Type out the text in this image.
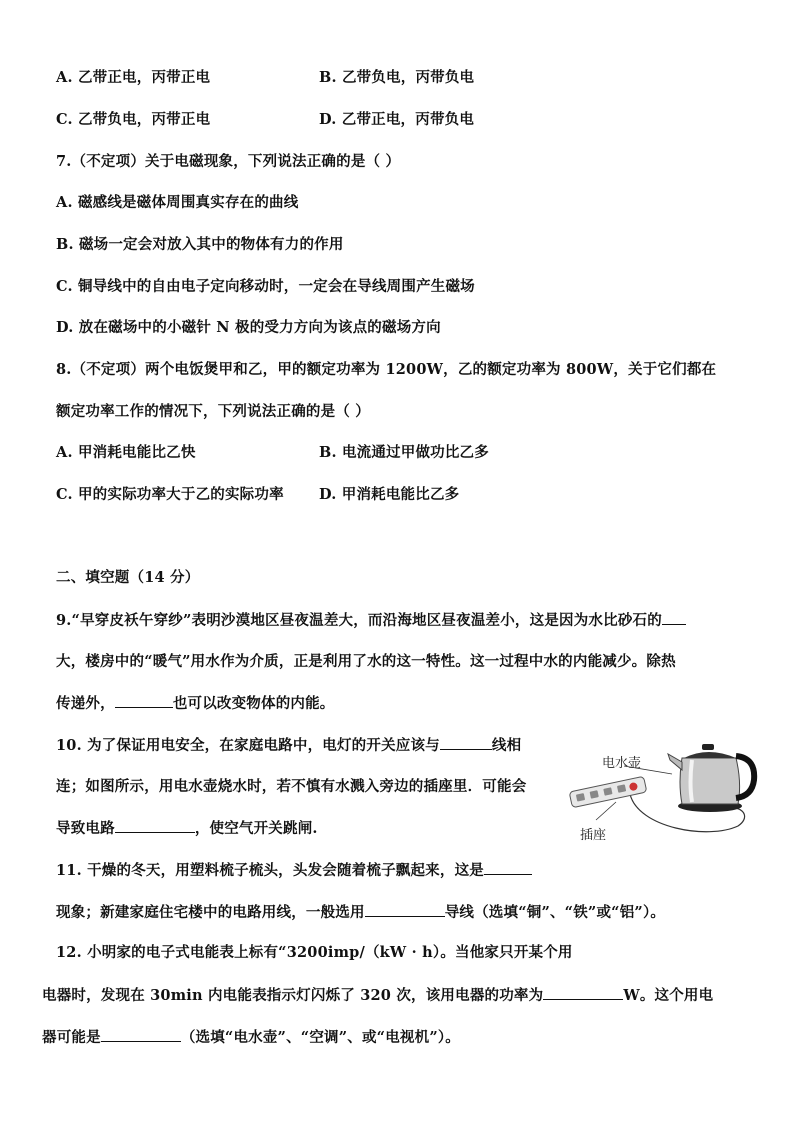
A. 乙带正电，丙带正电	B. 乙带负电，丙带负电
C. 乙带负电，丙带正电	D. 乙带正电，丙带负电
7.（不定项）关于电磁现象，下列说法正确的是（ ）
A. 磁感线是磁体周围真实存在的曲线
B. 磁场一定会对放入其中的物体有力的作用
C. 铜导线中的自由电子定向移动时，一定会在导线周围产生磁场
D. 放在磁场中的小磁针 N 极的受力方向为该点的磁场方向
8.（不定项）两个电饭煲甲和乙，甲的额定功率为 1200W，乙的额定功率为 800W，关于它们都在
额定功率工作的情况下，下列说法正确的是（ ）
A. 甲消耗电能比乙快	B. 电流通过甲做功比乙多
C. 甲的实际功率大于乙的实际功率 D. 甲消耗电能比乙多
二、填空题（14 分）
9.“早穿皮袄午穿纱”表明沙漠地区昼夜温差大，而沿海地区昼夜温差小，这是因为水比砂石的
大，楼房中的“暖气”用水作为介质，正是利用了水的这一特性。这一过程中水的内能减少。除热
传递外，	也可以改变物体的内能。
10. 为了保证用电安全，在家庭电路中，电灯的开关应该与	线相
连；如图所示，用电水壶烧水时，若不慎有水溅入旁边的插座里．可能会
导致电路	，使空气开关跳闸.
电水壶
插座
11. 干燥的冬天，用塑料梳子梳头，头发会随着梳子飘起来，这是
现象；新建家庭住宅楼中的电路用线，一般选用	导线（选填“铜”、“铁”或“铝”）。
12. 小明家的电子式电能表上标有“3200imp/（kW · h）。当他家只开某个用
电器时，发现在 30min 内电能表指示灯闪烁了 320 次，该用电器的功率为	W。这个用电
器可能是	（选填“电水壶”、“空调”、或“电视机”）。
